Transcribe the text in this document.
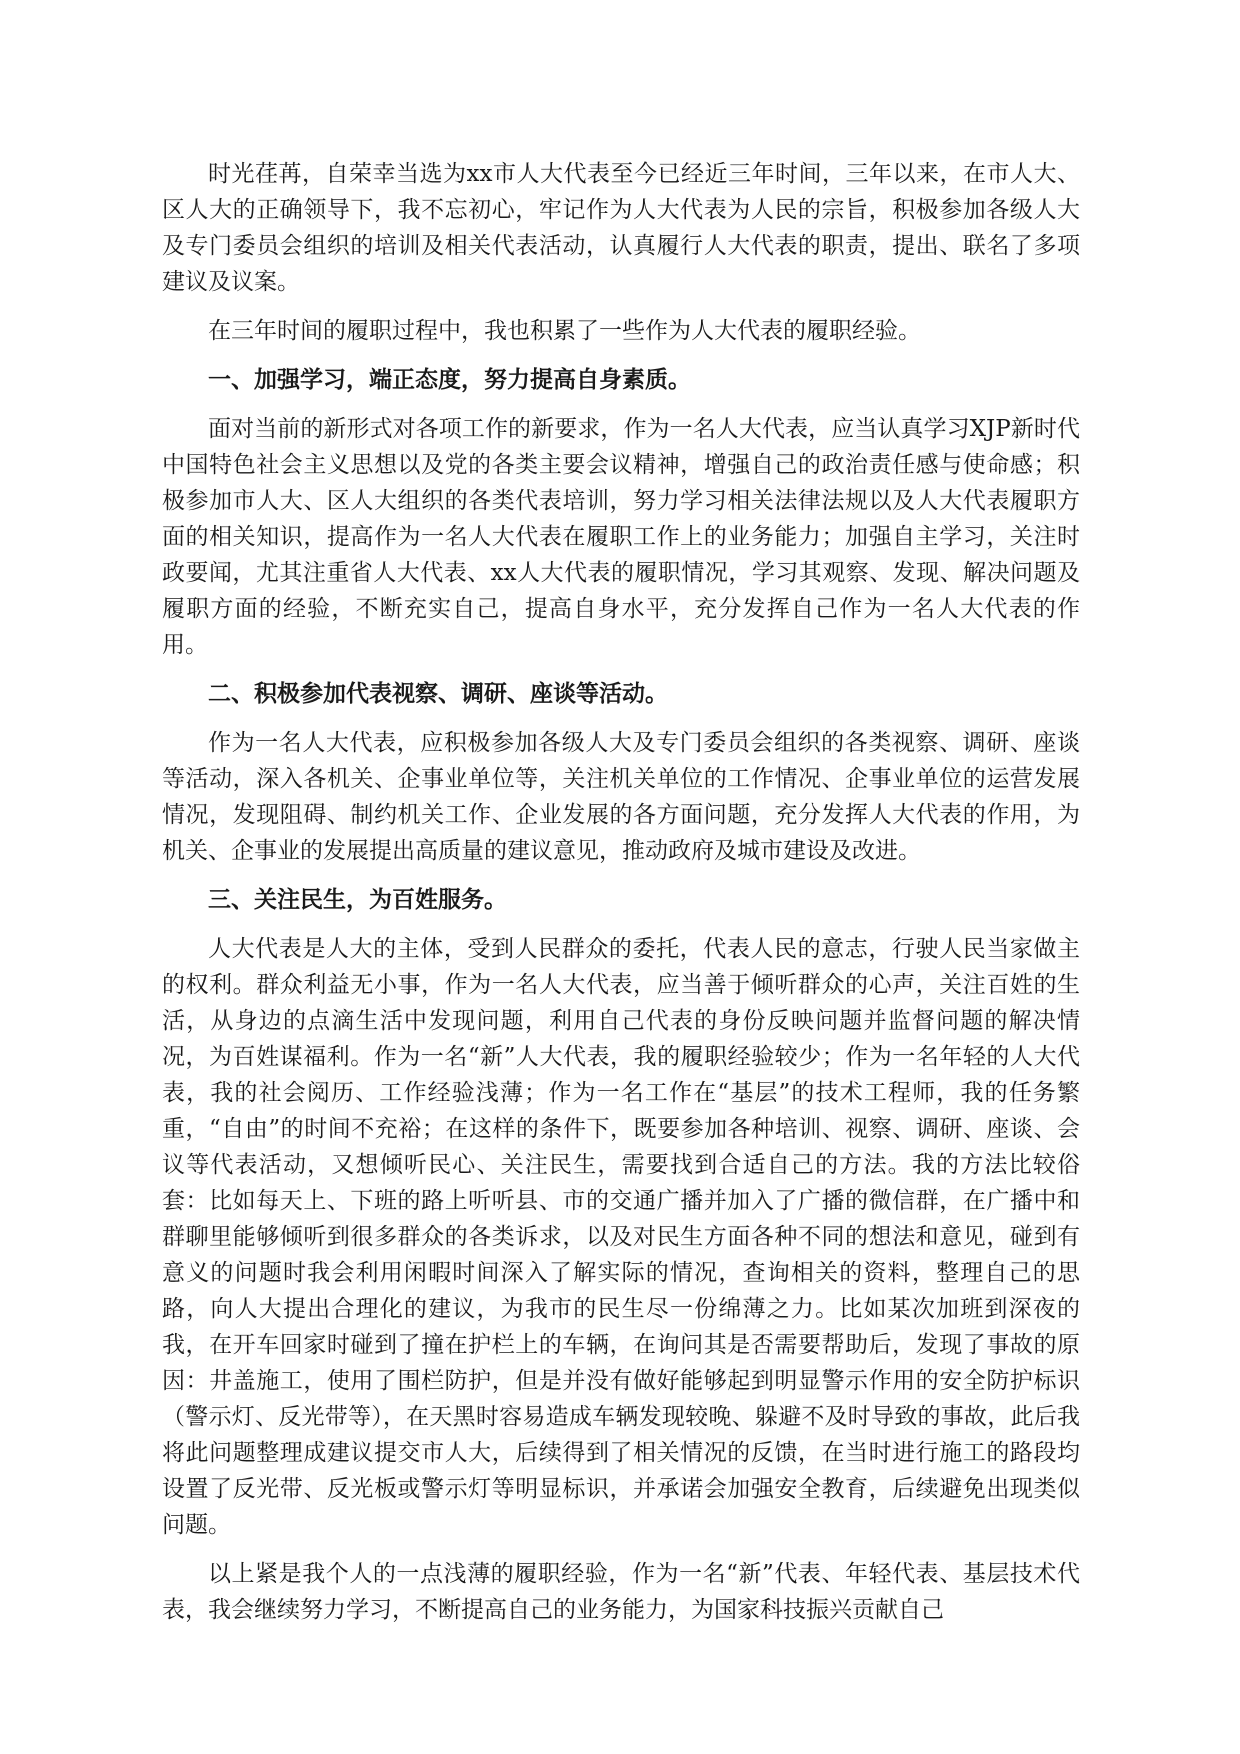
时光荏苒，自荣幸当选为xx市人大代表至今已经近三年时间，三年以来，在市人大、区人大的正确领导下，我不忘初心，牢记作为人大代表为人民的宗旨，积极参加各级人大及专门委员会组织的培训及相关代表活动，认真履行人大代表的职责，提出、联名了多项建议及议案。

在三年时间的履职过程中，我也积累了一些作为人大代表的履职经验。

一、加强学习，端正态度，努力提高自身素质。

面对当前的新形式对各项工作的新要求，作为一名人大代表，应当认真学习XJP新时代中国特色社会主义思想以及党的各类主要会议精神，增强自己的政治责任感与使命感；积极参加市人大、区人大组织的各类代表培训，努力学习相关法律法规以及人大代表履职方面的相关知识，提高作为一名人大代表在履职工作上的业务能力；加强自主学习，关注时政要闻，尤其注重省人大代表、xx人大代表的履职情况，学习其观察、发现、解决问题及履职方面的经验，不断充实自己，提高自身水平，充分发挥自己作为一名人大代表的作用。

二、积极参加代表视察、调研、座谈等活动。

作为一名人大代表，应积极参加各级人大及专门委员会组织的各类视察、调研、座谈等活动，深入各机关、企事业单位等，关注机关单位的工作情况、企事业单位的运营发展情况，发现阻碍、制约机关工作、企业发展的各方面问题，充分发挥人大代表的作用，为机关、企事业的发展提出高质量的建议意见，推动政府及城市建设及改进。

三、关注民生，为百姓服务。

人大代表是人大的主体，受到人民群众的委托，代表人民的意志，行驶人民当家做主的权利。群众利益无小事，作为一名人大代表，应当善于倾听群众的心声，关注百姓的生活，从身边的点滴生活中发现问题，利用自己代表的身份反映问题并监督问题的解决情况，为百姓谋福利。作为一名“新”人大代表，我的履职经验较少；作为一名年轻的人大代表，我的社会阅历、工作经验浅薄；作为一名工作在“基层”的技术工程师，我的任务繁重，“自由”的时间不充裕；在这样的条件下，既要参加各种培训、视察、调研、座谈、会议等代表活动，又想倾听民心、关注民生，需要找到合适自己的方法。我的方法比较俗套：比如每天上、下班的路上听听县、市的交通广播并加入了广播的微信群，在广播中和群聊里能够倾听到很多群众的各类诉求，以及对民生方面各种不同的想法和意见，碰到有意义的问题时我会利用闲暇时间深入了解实际的情况，查询相关的资料，整理自己的思路，向人大提出合理化的建议，为我市的民生尽一份绵薄之力。比如某次加班到深夜的我，在开车回家时碰到了撞在护栏上的车辆，在询问其是否需要帮助后，发现了事故的原因：井盖施工，使用了围栏防护，但是并没有做好能够起到明显警示作用的安全防护标识（警示灯、反光带等），在天黑时容易造成车辆发现较晚、躲避不及时导致的事故，此后我将此问题整理成建议提交市人大，后续得到了相关情况的反馈，在当时进行施工的路段均设置了反光带、反光板或警示灯等明显标识，并承诺会加强安全教育，后续避免出现类似问题。

以上紧是我个人的一点浅薄的履职经验，作为一名“新”代表、年轻代表、基层技术代表，我会继续努力学习，不断提高自己的业务能力，为国家科技振兴贡献自己
